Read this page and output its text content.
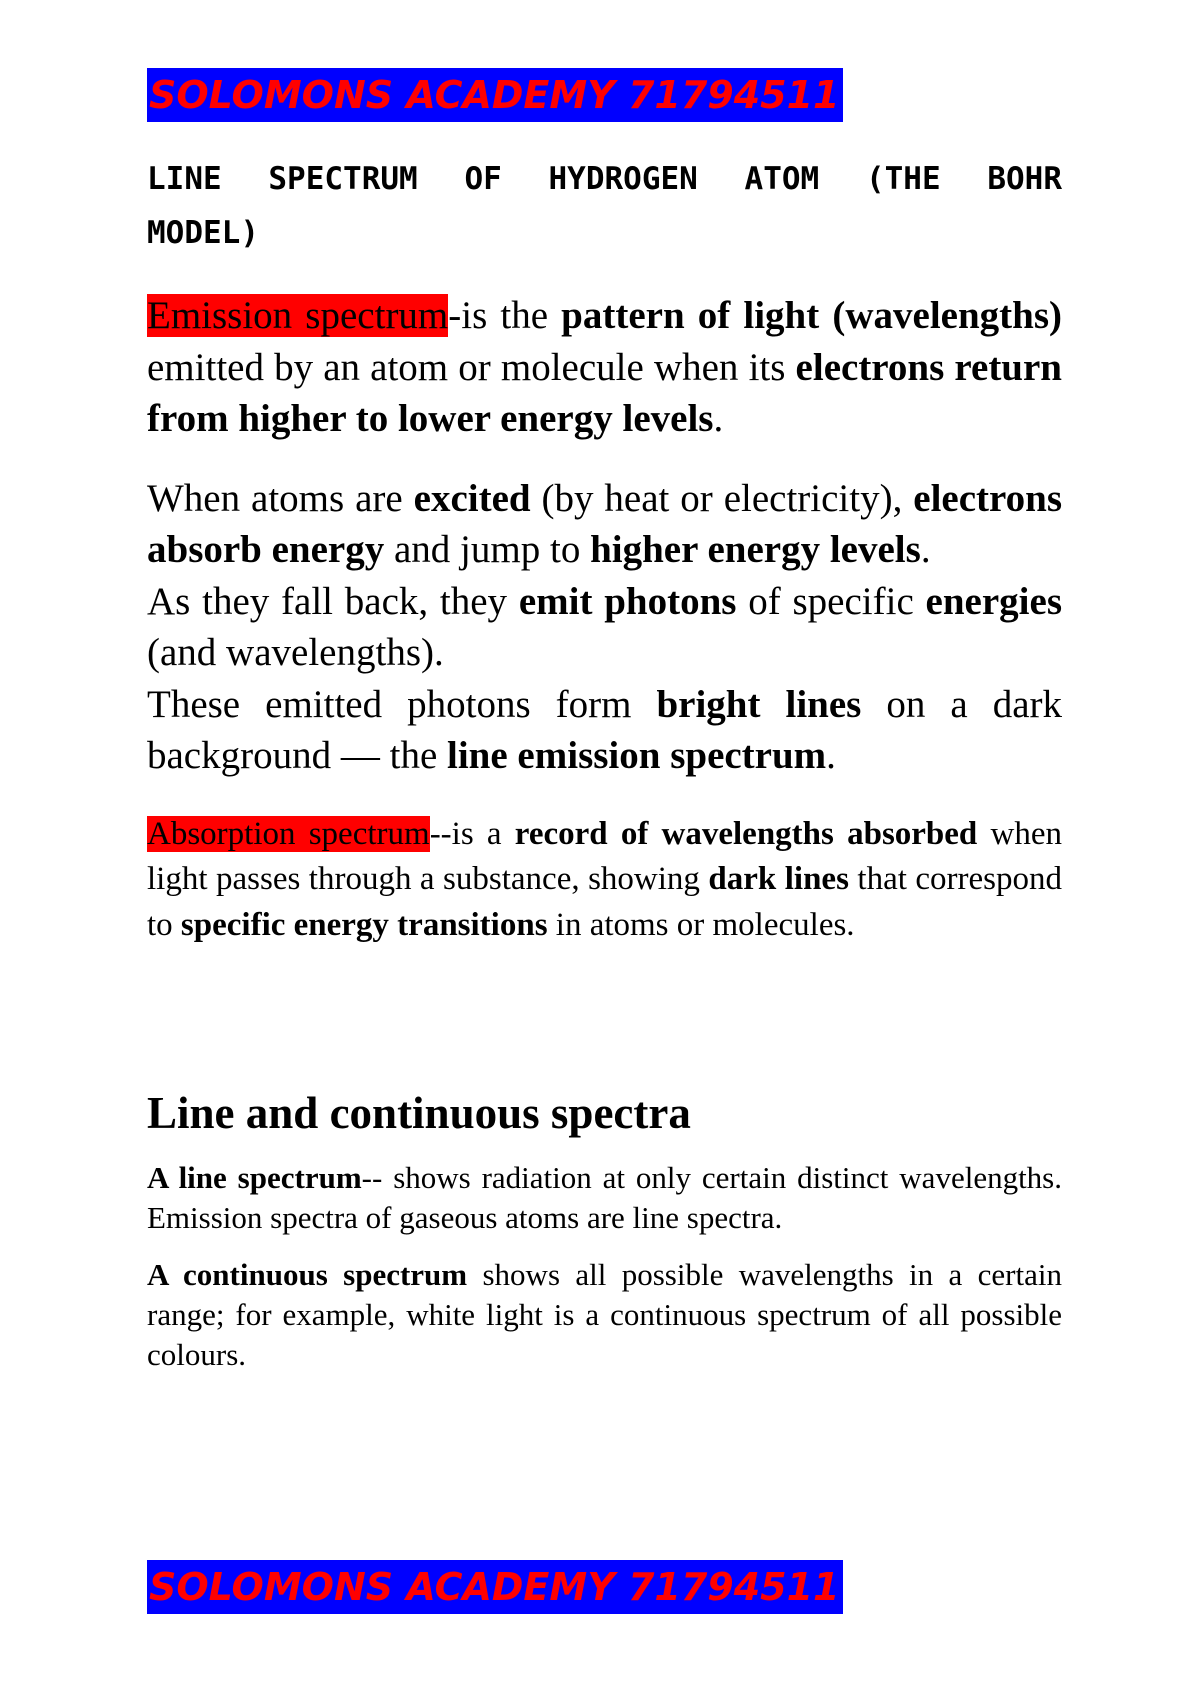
SOLOMONS ACADEMY 71794511
LINE SPECTRUM OF HYDROGEN ATOM (THE BOHR MODEL)

Emission spectrum-is the pattern of light (wavelengths) emitted by an atom or molecule when its electrons return from higher to lower energy levels.

When atoms are excited (by heat or electricity), electrons absorb energy and jump to higher energy levels.
As they fall back, they emit photons of specific energies (and wavelengths).
These emitted photons form bright lines on a dark background — the line emission spectrum.

Absorption spectrum--is a record of wavelengths absorbed when light passes through a substance, showing dark lines that correspond to specific energy transitions in atoms or molecules.

Line and continuous spectra

A line spectrum-- shows radiation at only certain distinct wavelengths. Emission spectra of gaseous atoms are line spectra.

A continuous spectrum shows all possible wavelengths in a certain range; for example, white light is a continuous spectrum of all possible colours.

SOLOMONS ACADEMY 71794511
